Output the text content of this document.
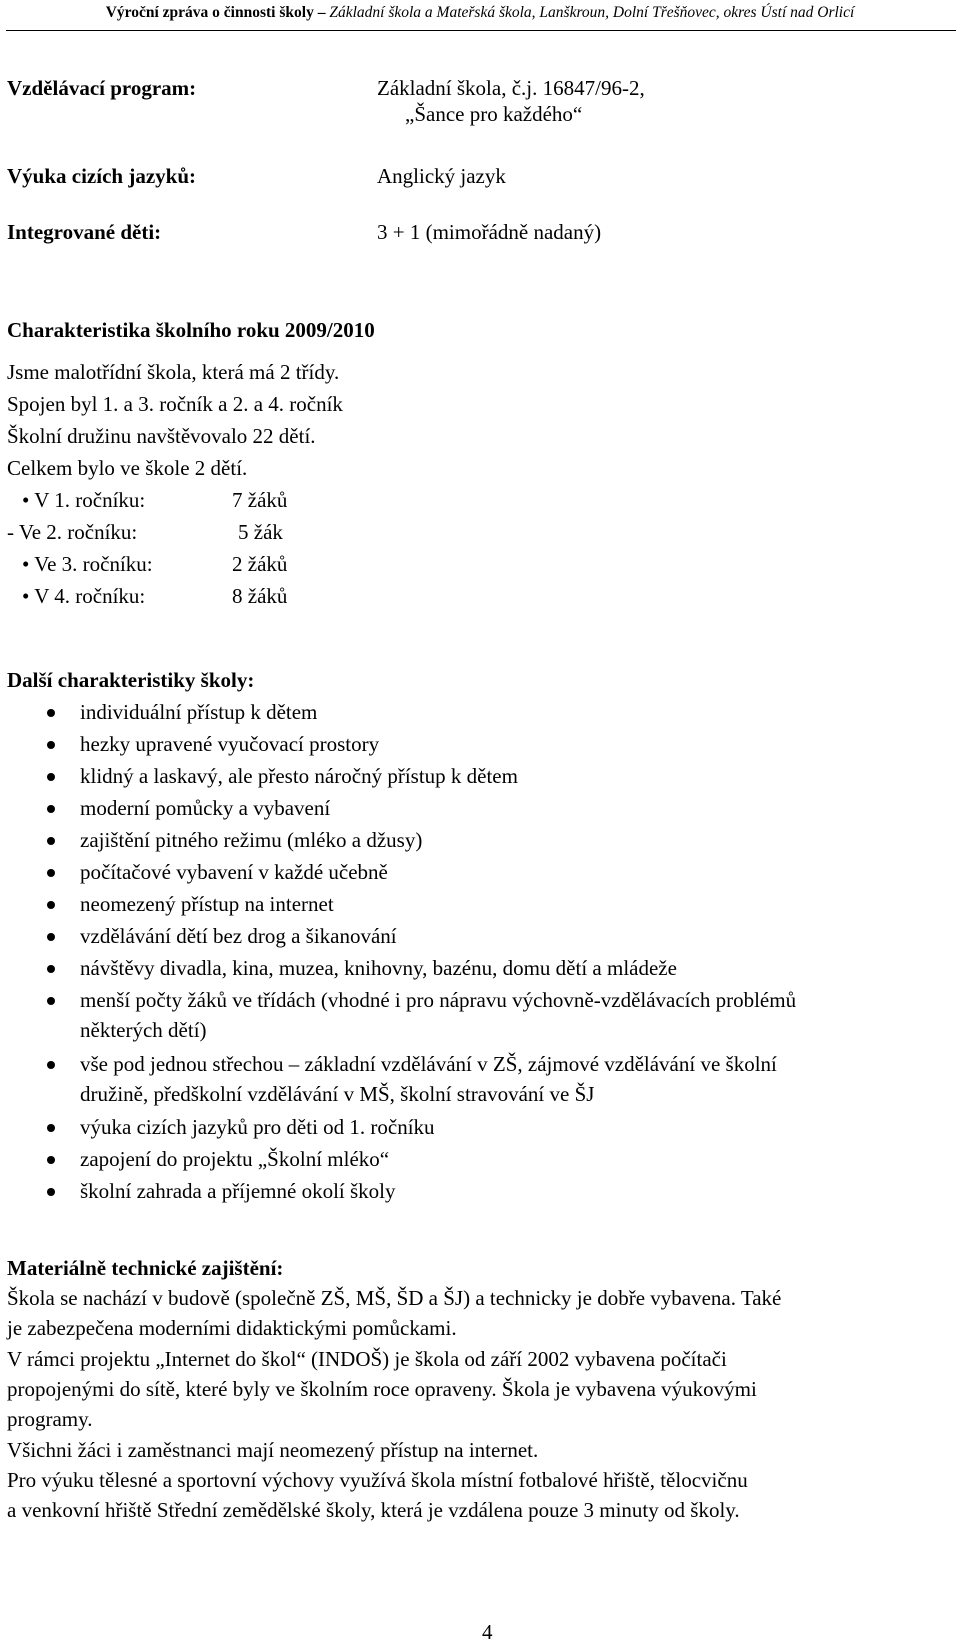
Výroční zpráva o činnosti školy – Základní škola a Mateřská škola, Lanškroun, Dolní Třešňovec, okres Ústí nad Orlicí
Vzdělávací program:	Základní škola, č.j. 16847/96-2,
„Šance pro každého“
Výuka cizích jazyků:	Anglický jazyk
Integrované děti:	3 + 1 (mimořádně nadaný)
Charakteristika školního roku 2009/2010
Jsme malotřídní škola, která má 2 třídy.
Spojen byl 1. a 3. ročník a 2. a 4. ročník
Školní družinu navštěvovalo 22 dětí.
Celkem bylo ve škole 2 dětí.
• V 1. ročníku:	7 žáků
- Ve 2. ročníku:	5 žák
• Ve 3. ročníku:	2 žáků
• V 4. ročníku:	8 žáků
Další charakteristiky školy:
individuální přístup k dětem
hezky upravené vyučovací prostory
klidný a laskavý, ale přesto náročný přístup k dětem
moderní pomůcky a vybavení
zajištění pitného režimu (mléko a džusy)
počítačové vybavení v každé učebně
neomezený přístup na internet
vzdělávání dětí bez drog a šikanování
návštěvy divadla, kina, muzea, knihovny, bazénu, domu dětí a mládeže
menší počty žáků ve třídách (vhodné i pro nápravu výchovně-vzdělávacích problémů
některých dětí)
vše pod jednou střechou – základní vzdělávání v ZŠ, zájmové vzdělávání ve školní
družině, předškolní vzdělávání v MŠ, školní stravování ve ŠJ
výuka cizích jazyků pro děti od 1. ročníku
zapojení do projektu „Školní mléko“
školní zahrada a příjemné okolí školy
Materiálně technické zajištění:
Škola se nachází v budově (společně ZŠ, MŠ, ŠD a ŠJ) a technicky je dobře vybavena. Také
je zabezpečena moderními didaktickými pomůckami.
V rámci projektu „Internet do škol“ (INDOŠ) je škola od září 2002 vybavena počítači
propojenými do sítě, které byly ve školním roce opraveny. Škola je vybavena výukovými
programy.
Všichni žáci i zaměstnanci mají neomezený přístup na internet.
Pro výuku tělesné a sportovní výchovy využívá škola místní fotbalové hřiště, tělocvičnu
a venkovní hřiště Střední zemědělské školy, která je vzdálena pouze 3 minuty od školy.
4
